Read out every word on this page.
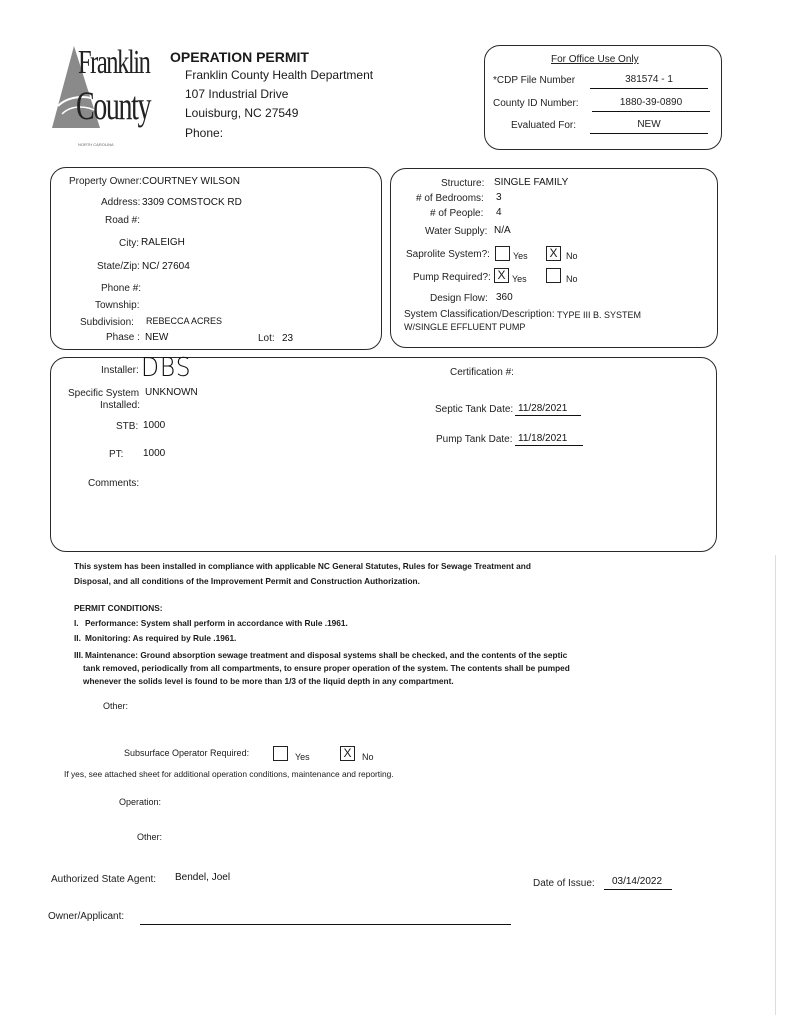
Franklin
County
NORTH CAROLINA
OPERATION PERMIT
Franklin County Health Department
107 Industrial Drive
Louisburg, NC 27549
Phone:
For Office Use Only
*CDP File Number	381574 - 1
County ID Number:	1880-39-0890
Evaluated For:	NEW
Property Owner: COURTNEY WILSON
Address: 3309 COMSTOCK RD
Road #:
City: RALEIGH
State/Zip: NC/ 27604
Phone #:
Township:
Subdivision: REBECCA ACRES
Phase : NEW	Lot: 23
Structure: SINGLE FAMILY
# of Bedrooms: 3
# of People: 4
Water Supply: N/A
Saprolite System?:	Yes X No
Pump Required?: X Yes	No
Design Flow: 360
System Classification/Description: TYPE III B. SYSTEM
W/SINGLE EFFLUENT PUMP
Installer: DBS	Certification #:
Specific System UNKNOWN
Installed:	Septic Tank Date: 11/28/2021
STB: 1000
Pump Tank Date: 11/18/2021
PT: 1000
Comments:
This system has been installed in compliance with applicable NC General Statutes, Rules for Sewage Treatment and
Disposal, and all conditions of the Improvement Permit and Construction Authorization.
PERMIT CONDITIONS:
I. Performance: System shall perform in accordance with Rule .1961.
II. Monitoring: As required by Rule .1961.
III. Maintenance: Ground absorption sewage treatment and disposal systems shall be checked, and the contents of the septic
tank removed, periodically from all compartments, to ensure proper operation of the system. The contents shall be pumped
whenever the solids level is found to be more than 1/3 of the liquid depth in any compartment.
Other:
Subsurface Operator Required:	Yes	X	No
If yes, see attached sheet for additional operation conditions, maintenance and reporting.
Operation:
Other:
Authorized State Agent: Bendel, Joel
Date of Issue:	03/14/2022
Owner/Applicant:
